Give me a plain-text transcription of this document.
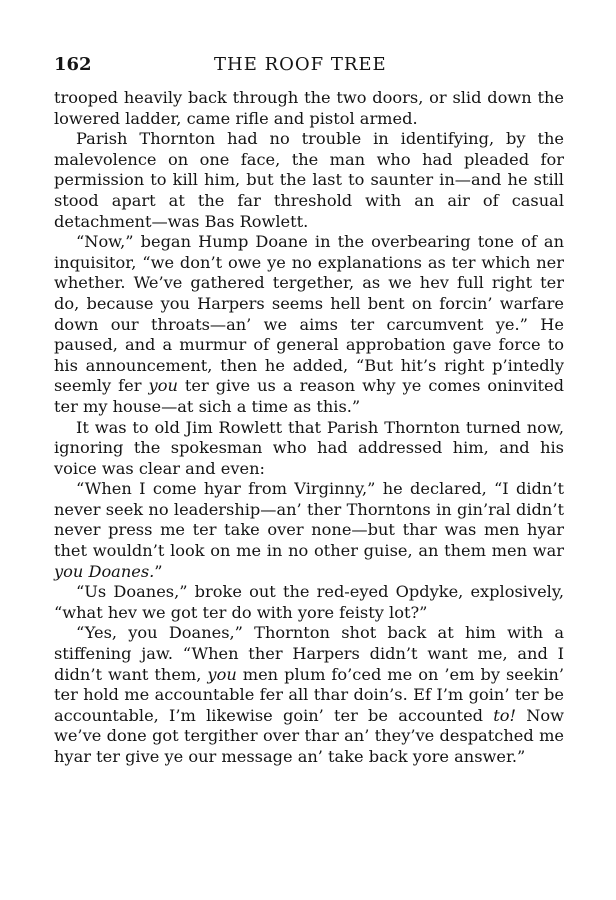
162	THE ROOF TREE

trooped heavily back through the two doors, or slid down the lowered ladder, came rifle and pistol armed.

Parish Thornton had no trouble in identifying, by the malevolence on one face, the man who had pleaded for permission to kill him, but the last to saunter in—and he still stood apart at the far threshold with an air of casual detachment—was Bas Rowlett.

“Now,” began Hump Doane in the overbearing tone of an inquisitor, “we don’t owe ye no explanations as ter which ner whether. We’ve gathered tergether, as we hev full right ter do, because you Harpers seems hell bent on forcin’ warfare down our throats—an’ we aims ter carcumvent ye.” He paused, and a murmur of general approbation gave force to his announcement, then he added, “But hit’s right p’intedly seemly fer you ter give us a reason why ye comes oninvited ter my house—at sich a time as this.”

It was to old Jim Rowlett that Parish Thornton turned now, ignoring the spokesman who had addressed him, and his voice was clear and even:

“When I come hyar from Virginny,” he declared, “I didn’t never seek no leadership—an’ ther Thorntons in gin’ral didn’t never press me ter take over none—but thar was men hyar thet wouldn’t look on me in no other guise, an them men war you Doanes.”

“Us Doanes,” broke out the red-eyed Opdyke, explosively, “what hev we got ter do with yore feisty lot?”

“Yes, you Doanes,” Thornton shot back at him with a stiffening jaw. “When ther Harpers didn’t want me, and I didn’t want them, you men plum fo’ced me on ’em by seekin’ ter hold me accountable fer all thar doin’s. Ef I’m goin’ ter be accountable, I’m likewise goin’ ter be accounted to! Now we’ve done got tergither over thar an’ they’ve despatched me hyar ter give ye our message an’ take back yore answer.”
